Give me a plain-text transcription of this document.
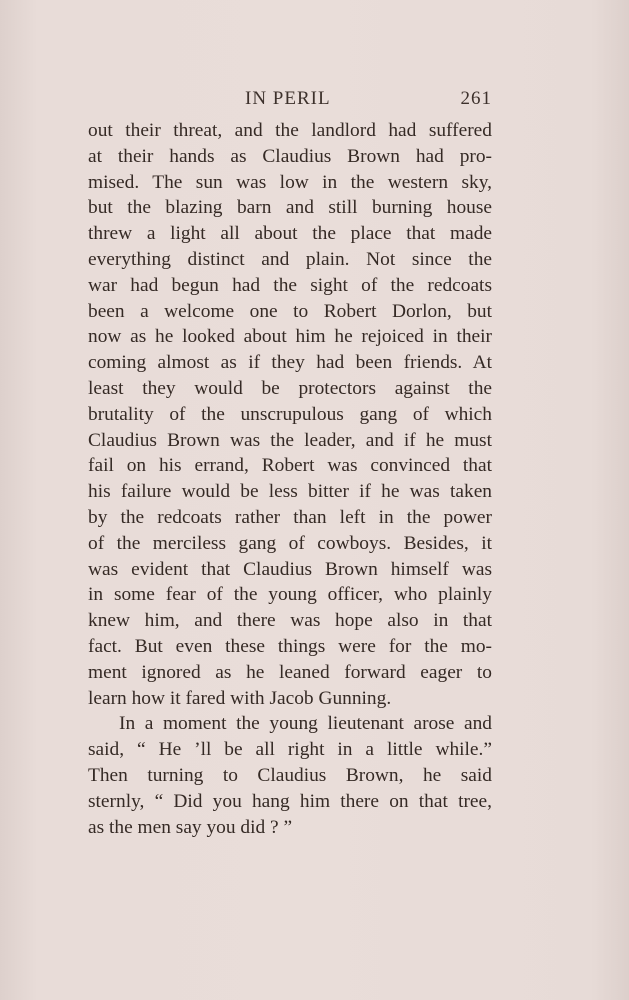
IN PERIL	261
out their threat, and the landlord had suffered
at their hands as Claudius Brown had pro-
mised. The sun was low in the western sky,
but the blazing barn and still burning house
threw a light all about the place that made
everything distinct and plain. Not since the
war had begun had the sight of the redcoats
been a welcome one to Robert Dorlon, but
now as he looked about him he rejoiced in their
coming almost as if they had been friends. At
least they would be protectors against the
brutality of the unscrupulous gang of which
Claudius Brown was the leader, and if he must
fail on his errand, Robert was convinced that
his failure would be less bitter if he was taken
by the redcoats rather than left in the power
of the merciless gang of cowboys. Besides, it
was evident that Claudius Brown himself was
in some fear of the young officer, who plainly
knew him, and there was hope also in that
fact. But even these things were for the mo-
ment ignored as he leaned forward eager to
learn how it fared with Jacob Gunning.
In a moment the young lieutenant arose and
said, “ He ’ll be all right in a little while.”
Then turning to Claudius Brown, he said
sternly, “ Did you hang him there on that tree,
as the men say you did ? ”
